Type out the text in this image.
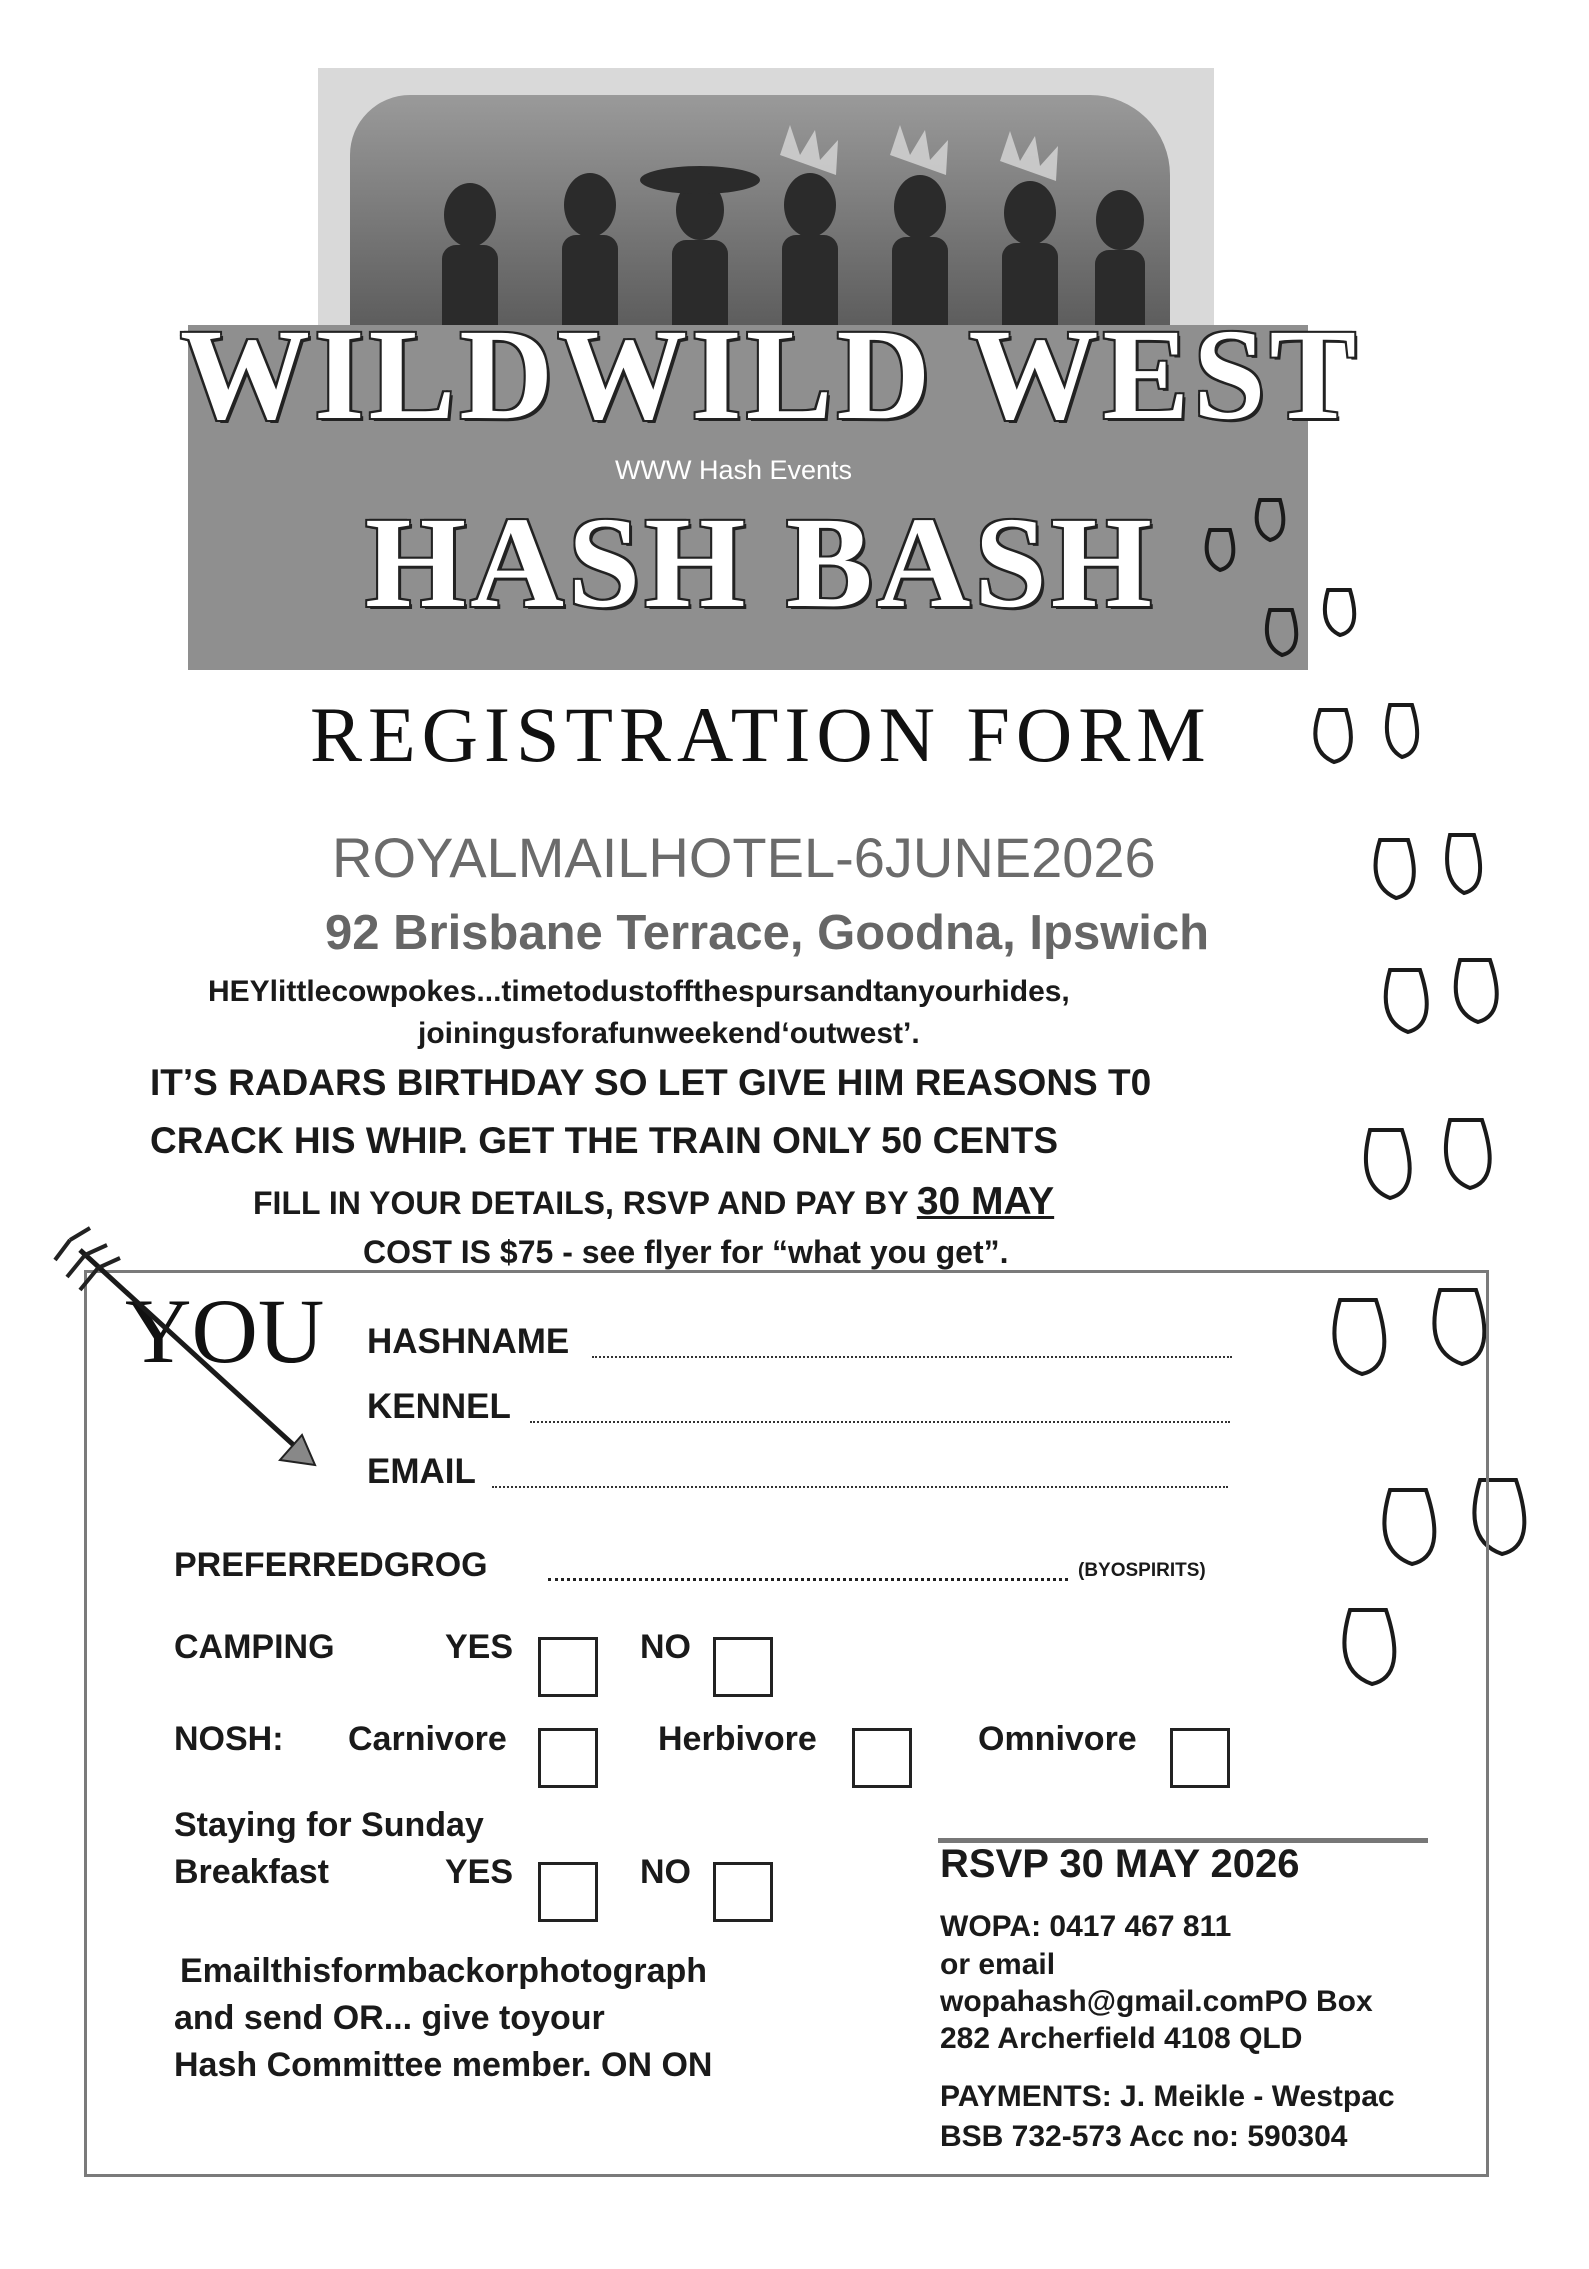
WILDWILD WEST
WWW Hash Events
HASH BASH
REGISTRATION FORM
ROYALMAILHOTEL-6JUNE2026
92 Brisbane Terrace, Goodna, Ipswich
HEYlittlecowpokes...timetodustoffthespursandtanyourhides,
joiningusforafunweekend‘outwest’.
IT’S RADARS BIRTHDAY SO LET GIVE HIM REASONS T0
CRACK HIS WHIP. GET THE TRAIN ONLY 50 CENTS
FILL IN YOUR DETAILS, RSVP AND PAY BY 30 MAY
COST IS $75 - see flyer for “what you get”.
YOU HASHNAME
KENNEL
EMAIL
PREFERREDGROG	(BYOSPIRITS)
CAMPING	YES	NO
NOSH: Carnivore	Herbivore	Omnivore
Staying for Sunday
Breakfast	YES	NO
Emailthisformbackorphotograph
and send OR... give toyour
Hash Committee member. ON ON
RSVP 30 MAY 2026
WOPA: 0417 467 811
or email
wopahash@gmail.comPO Box
282 Archerfield 4108 QLD
PAYMENTS: J. Meikle - Westpac
BSB 732-573 Acc no: 590304
